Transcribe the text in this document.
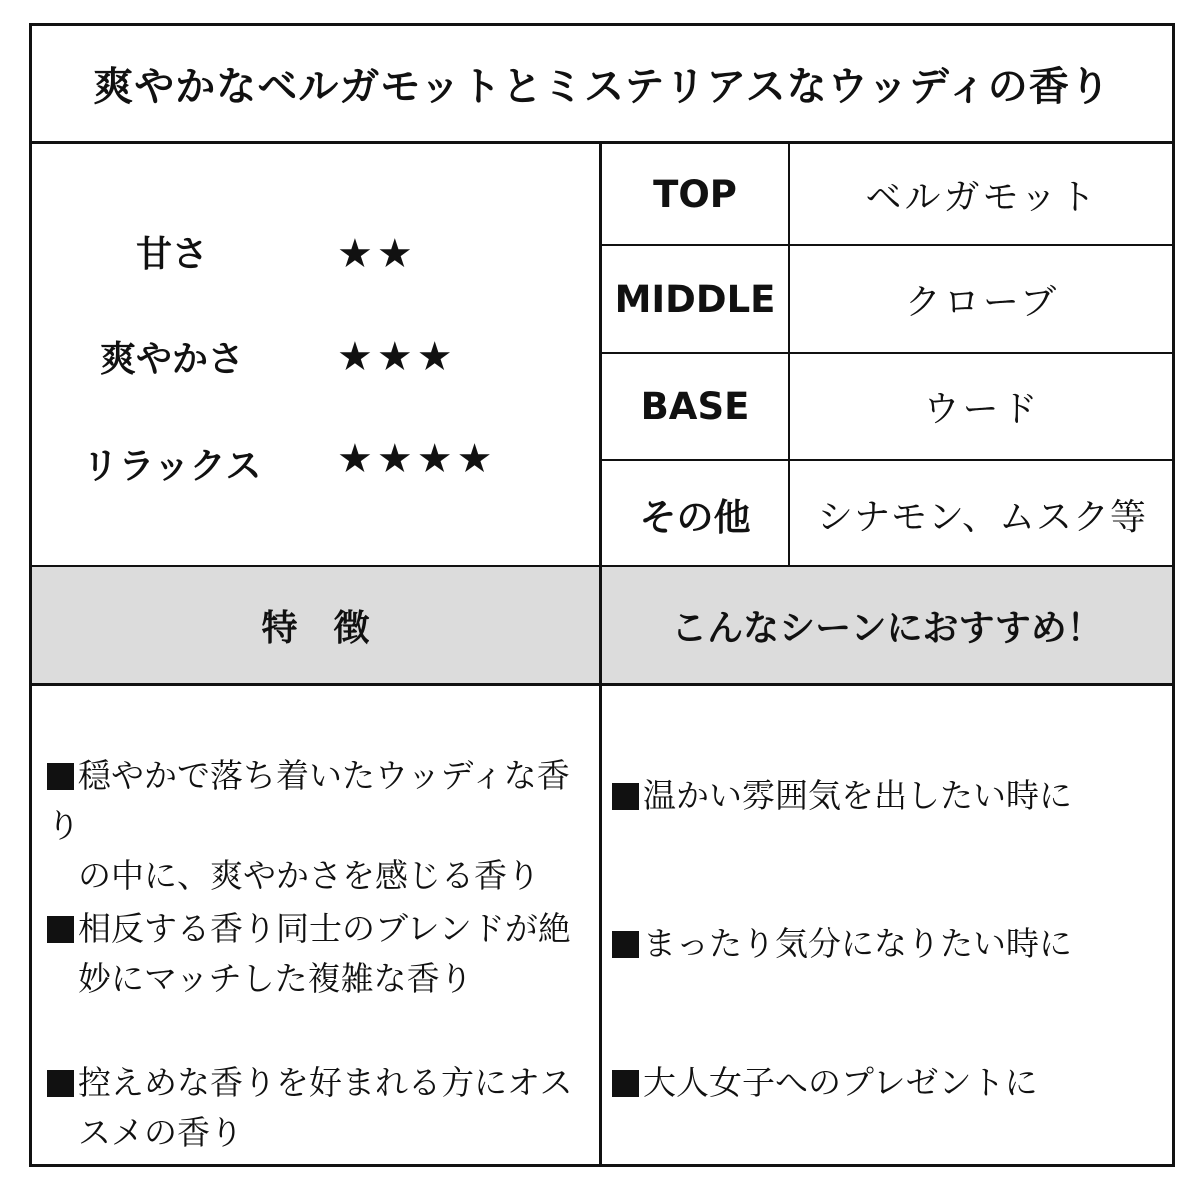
爽やかなベルガモットとミステリアスなウッディの香り
甘さ	★★
爽やかさ	★★★
リラックス	★★★★
TOP	ベルガモット
MIDDLE	クローブ
BASE	ウード
その他	シナモン、ムスク等
特　徴	こんなシーンにおすすめ！
穏やかで落ち着いたウッディな香り
の中に、爽やかさを感じる香り
相反する香り同士のブレンドが絶
妙にマッチした複雑な香り
控えめな香りを好まれる方にオス
スメの香り
温かい雰囲気を出したい時に
まったり気分になりたい時に
大人女子へのプレゼントに
